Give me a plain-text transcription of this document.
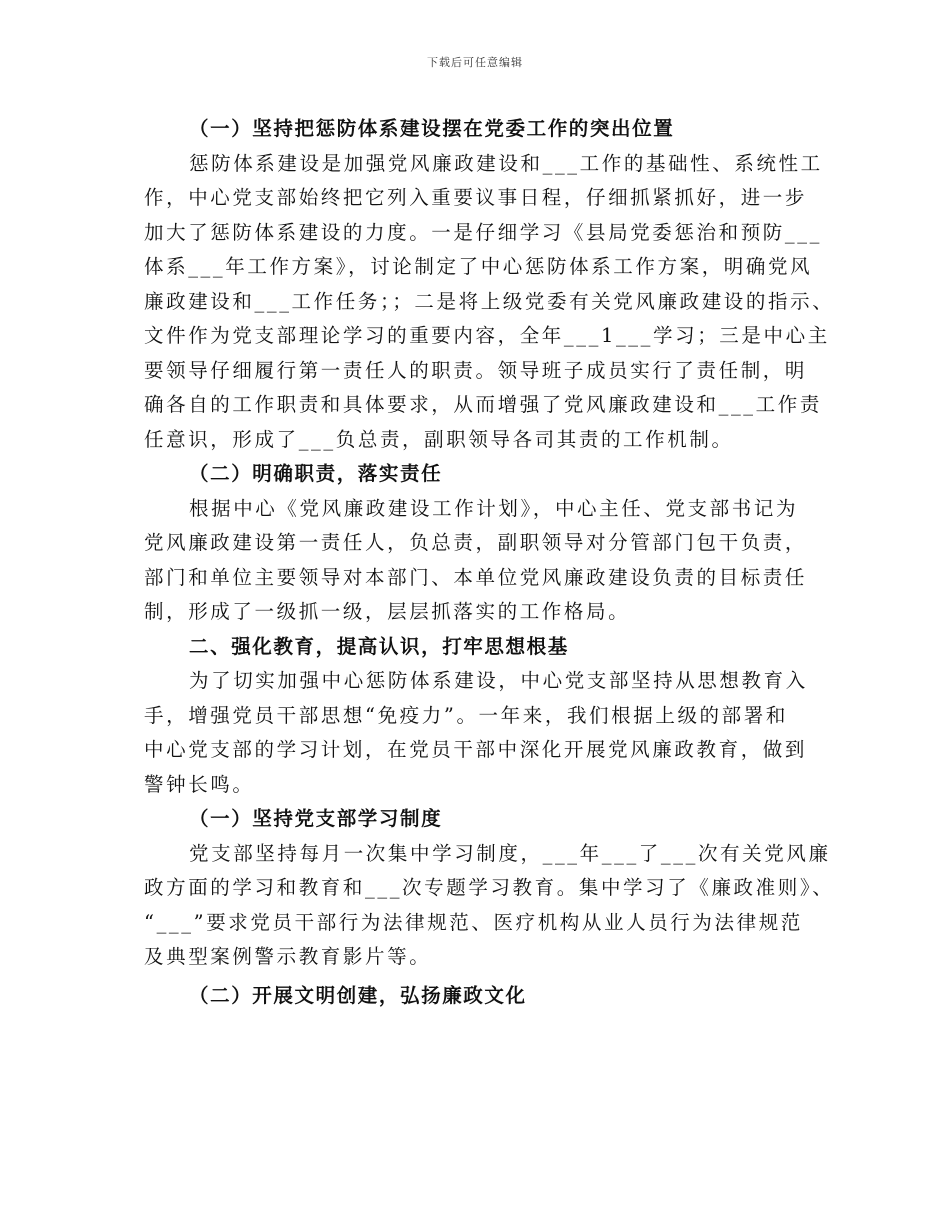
下载后可任意编辑
（一）坚持把惩防体系建设摆在党委工作的突出位置
惩防体系建设是加强党风廉政建设和___工作的基础性、系统性工
作，中心党支部始终把它列入重要议事日程，仔细抓紧抓好，进一步
加大了惩防体系建设的力度。一是仔细学习《县局党委惩治和预防___
体系___年工作方案》，讨论制定了中心惩防体系工作方案，明确党风
廉政建设和___工作任务；；二是将上级党委有关党风廉政建设的指示、
文件作为党支部理论学习的重要内容，全年___1___学习；三是中心主
要领导仔细履行第一责任人的职责。领导班子成员实行了责任制，明
确各自的工作职责和具体要求，从而增强了党风廉政建设和___工作责
任意识，形成了___负总责，副职领导各司其责的工作机制。
（二）明确职责，落实责任
根据中心《党风廉政建设工作计划》，中心主任、党支部书记为
党风廉政建设第一责任人，负总责，副职领导对分管部门包干负责，
部门和单位主要领导对本部门、本单位党风廉政建设负责的目标责任
制，形成了一级抓一级，层层抓落实的工作格局。
二、强化教育，提高认识，打牢思想根基
为了切实加强中心惩防体系建设，中心党支部坚持从思想教育入
手，增强党员干部思想“免疫力”。一年来，我们根据上级的部署和
中心党支部的学习计划，在党员干部中深化开展党风廉政教育，做到
警钟长鸣。
（一）坚持党支部学习制度
党支部坚持每月一次集中学习制度，___年___了___次有关党风廉
政方面的学习和教育和___次专题学习教育。集中学习了《廉政准则》、
“___”要求党员干部行为法律规范、医疗机构从业人员行为法律规范
及典型案例警示教育影片等。
（二）开展文明创建，弘扬廉政文化
